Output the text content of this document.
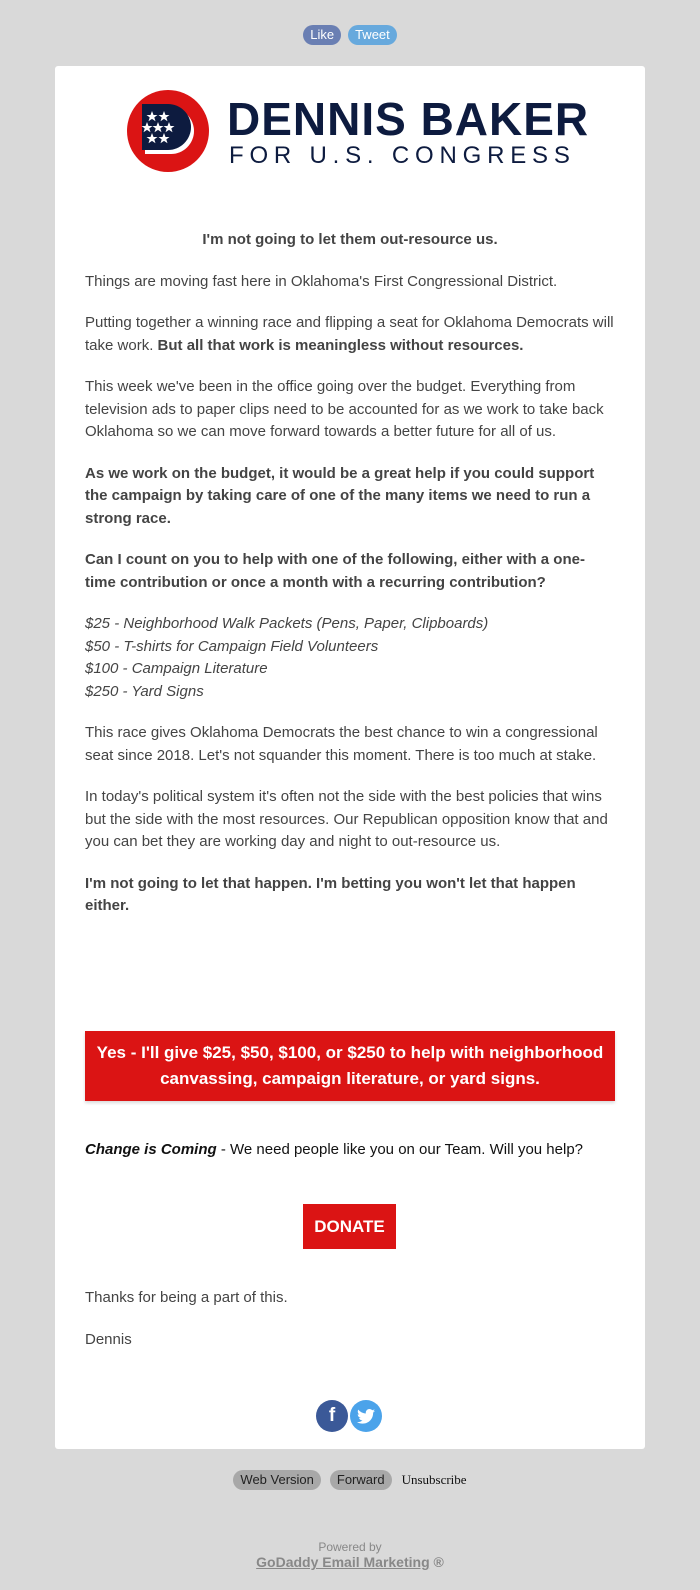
Like	Tweet
DENNIS BAKER
FOR U.S. CONGRESS

I'm not going to let them out-resource us.

Things are moving fast here in Oklahoma's First Congressional District.

Putting together a winning race and flipping a seat for Oklahoma Democrats will take work. But all that work is meaningless without resources.

This week we've been in the office going over the budget. Everything from television ads to paper clips need to be accounted for as we work to take back Oklahoma so we can move forward towards a better future for all of us.

As we work on the budget, it would be a great help if you could support the campaign by taking care of one of the many items we need to run a strong race.

Can I count on you to help with one of the following, either with a one-time contribution or once a month with a recurring contribution?

$25 - Neighborhood Walk Packets (Pens, Paper, Clipboards)

$50 - T-shirts for Campaign Field Volunteers

$100 - Campaign Literature

$250 - Yard Signs

This race gives Oklahoma Democrats the best chance to win a congressional seat since 2018. Let's not squander this moment. There is too much at stake.

In today's political system it's often not the side with the best policies that wins but the side with the most resources. Our Republican opposition know that and you can bet they are working day and night to out-resource us.

I'm not going to let that happen. I'm betting you won't let that happen either.

Yes - I'll give $25, $50, $100, or $250 to help with neighborhood canvassing, campaign literature, or yard signs.
Change is Coming - We need people like you on our Team. Will you help?
DONATE
Thanks for being a part of this.
Dennis
f
Web Version	Forward	Unsubscribe
Powered by
GoDaddy Email Marketing ®
